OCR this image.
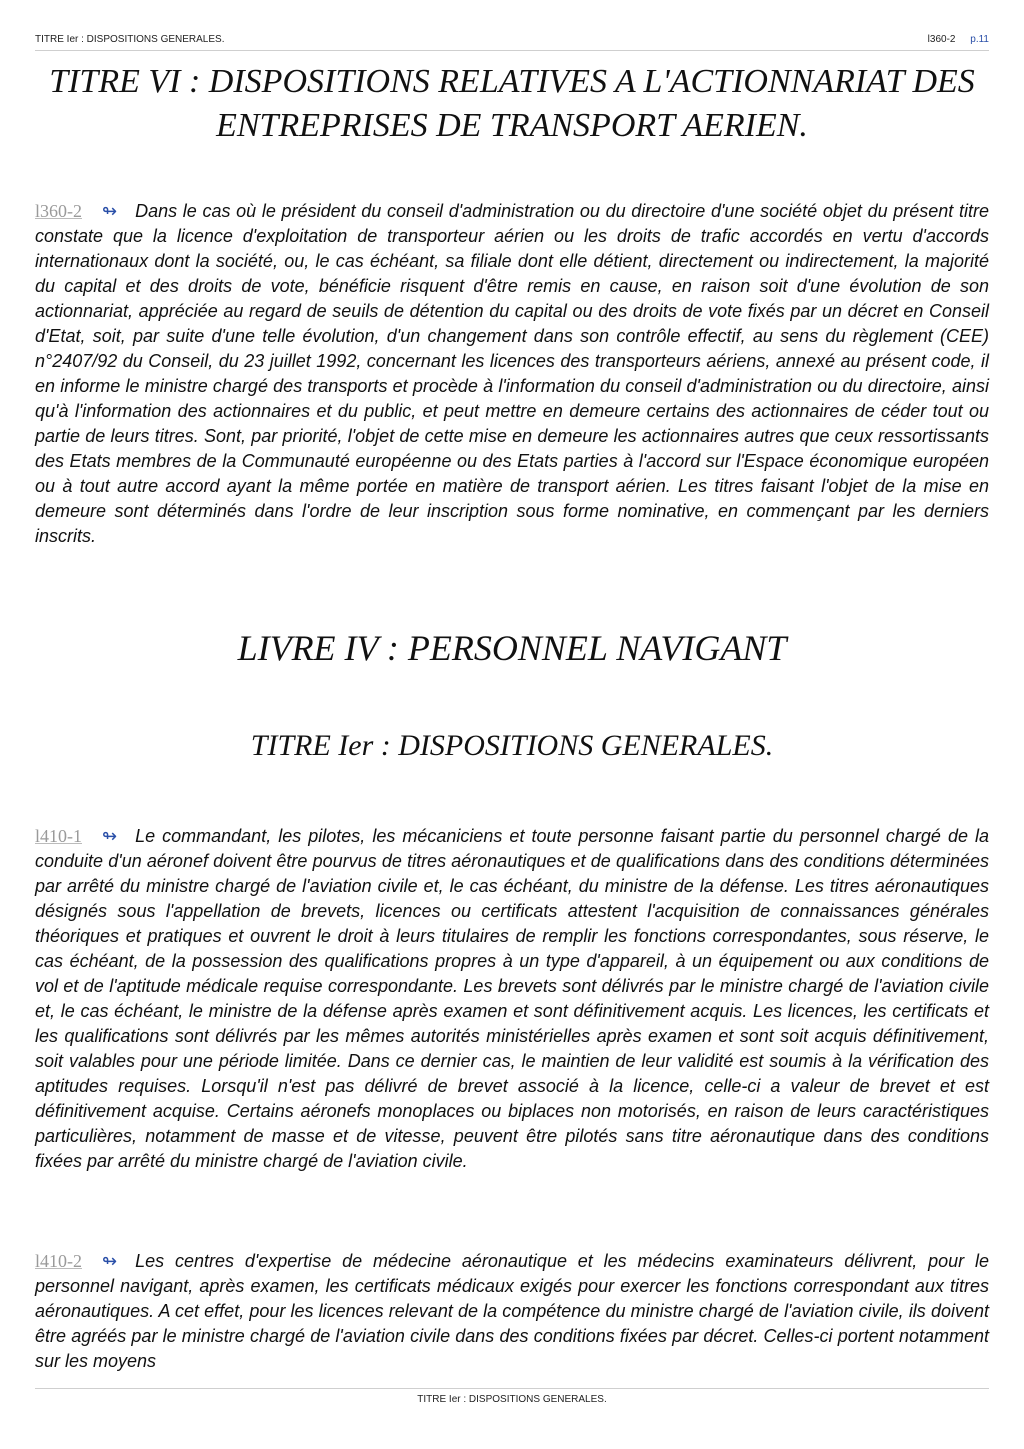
TITRE Ier : DISPOSITIONS GENERALES.	l360-2 p.11
TITRE VI : DISPOSITIONS RELATIVES A L'ACTIONNARIAT DES ENTREPRISES DE TRANSPORT AERIEN.
l360-2 ↬ Dans le cas où le président du conseil d'administration ou du directoire d'une société objet du présent titre constate que la licence d'exploitation de transporteur aérien ou les droits de trafic accordés en vertu d'accords internationaux dont la société, ou, le cas échéant, sa filiale dont elle détient, directement ou indirectement, la majorité du capital et des droits de vote, bénéficie risquent d'être remis en cause, en raison soit d'une évolution de son actionnariat, appréciée au regard de seuils de détention du capital ou des droits de vote fixés par un décret en Conseil d'Etat, soit, par suite d'une telle évolution, d'un changement dans son contrôle effectif, au sens du règlement (CEE) n°2407/92 du Conseil, du 23 juillet 1992, concernant les licences des transporteurs aériens, annexé au présent code, il en informe le ministre chargé des transports et procède à l'information du conseil d'administration ou du directoire, ainsi qu'à l'information des actionnaires et du public, et peut mettre en demeure certains des actionnaires de céder tout ou partie de leurs titres. Sont, par priorité, l'objet de cette mise en demeure les actionnaires autres que ceux ressortissants des Etats membres de la Communauté européenne ou des Etats parties à l'accord sur l'Espace économique européen ou à tout autre accord ayant la même portée en matière de transport aérien. Les titres faisant l'objet de la mise en demeure sont déterminés dans l'ordre de leur inscription sous forme nominative, en commençant par les derniers inscrits.
LIVRE IV : PERSONNEL NAVIGANT
TITRE Ier : DISPOSITIONS GENERALES.
l410-1 ↬ Le commandant, les pilotes, les mécaniciens et toute personne faisant partie du personnel chargé de la conduite d'un aéronef doivent être pourvus de titres aéronautiques et de qualifications dans des conditions déterminées par arrêté du ministre chargé de l'aviation civile et, le cas échéant, du ministre de la défense. Les titres aéronautiques désignés sous l'appellation de brevets, licences ou certificats attestent l'acquisition de connaissances générales théoriques et pratiques et ouvrent le droit à leurs titulaires de remplir les fonctions correspondantes, sous réserve, le cas échéant, de la possession des qualifications propres à un type d'appareil, à un équipement ou aux conditions de vol et de l'aptitude médicale requise correspondante. Les brevets sont délivrés par le ministre chargé de l'aviation civile et, le cas échéant, le ministre de la défense après examen et sont définitivement acquis. Les licences, les certificats et les qualifications sont délivrés par les mêmes autorités ministérielles après examen et sont soit acquis définitivement, soit valables pour une période limitée. Dans ce dernier cas, le maintien de leur validité est soumis à la vérification des aptitudes requises. Lorsqu'il n'est pas délivré de brevet associé à la licence, celle-ci a valeur de brevet et est définitivement acquise. Certains aéronefs monoplaces ou biplaces non motorisés, en raison de leurs caractéristiques particulières, notamment de masse et de vitesse, peuvent être pilotés sans titre aéronautique dans des conditions fixées par arrêté du ministre chargé de l'aviation civile.
l410-2 ↬ Les centres d'expertise de médecine aéronautique et les médecins examinateurs délivrent, pour le personnel navigant, après examen, les certificats médicaux exigés pour exercer les fonctions correspondant aux titres aéronautiques. A cet effet, pour les licences relevant de la compétence du ministre chargé de l'aviation civile, ils doivent être agréés par le ministre chargé de l'aviation civile dans des conditions fixées par décret. Celles-ci portent notamment sur les moyens
TITRE Ier : DISPOSITIONS GENERALES.
